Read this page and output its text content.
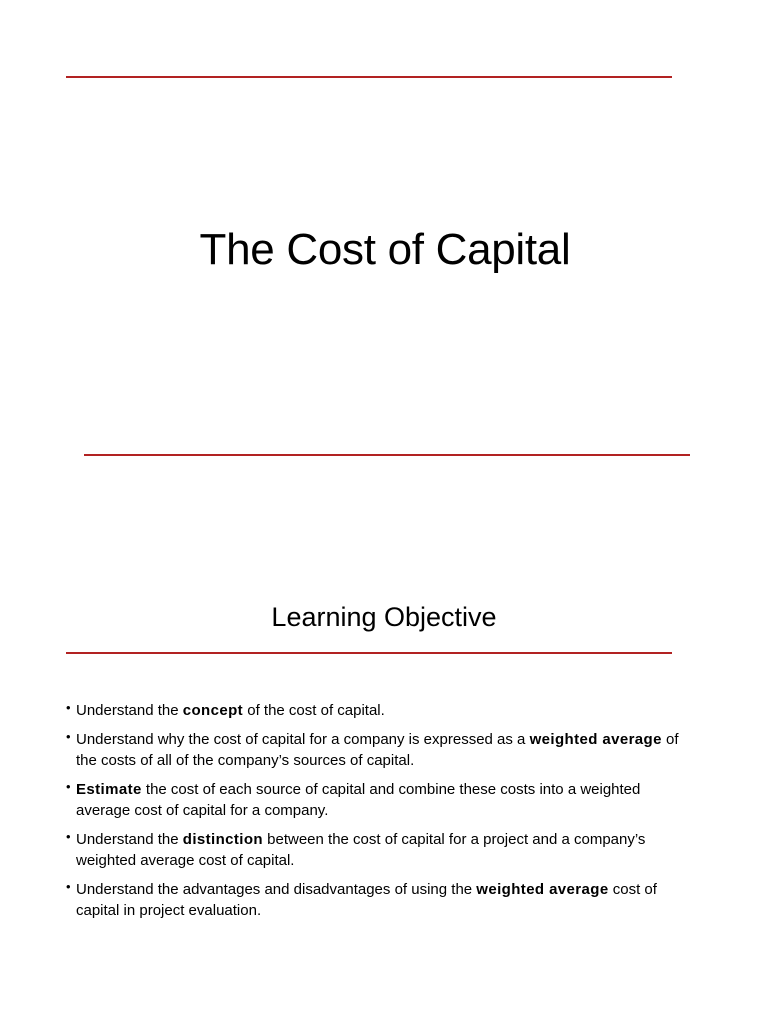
The Cost of Capital
Learning Objective
• Understand the concept of the cost of capital.
• Understand why the cost of capital for a company is expressed as a weighted average of the costs of all of the company’s sources of capital.
• Estimate the cost of each source of capital and combine these costs into a weighted average cost of capital for a company.
• Understand the distinction between the cost of capital for a project and a company’s weighted average cost of capital.
• Understand the advantages and disadvantages of using the weighted average cost of capital in project evaluation.
